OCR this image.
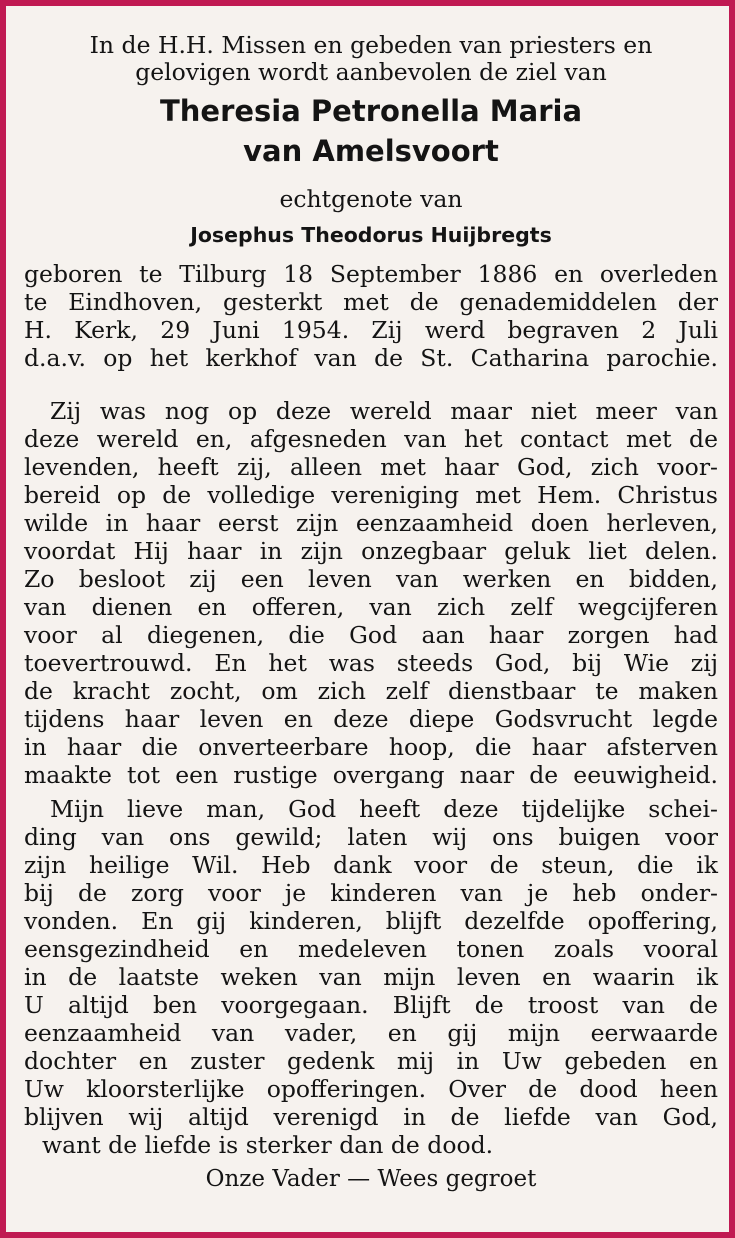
In de H.H. Missen en gebeden van priesters en

gelovigen wordt aanbevolen de ziel van

Theresia Petronella Maria

van Amelsvoort

echtgenote van

Josephus Theodorus Huijbregts

geboren te Tilburg 18 September 1886 en overleden

te Eindhoven, gesterkt met de genademiddelen der

H. Kerk, 29 Juni 1954. Zij werd begraven 2 Juli

d.a.v. op het kerkhof van de St. Catharina parochie.

Zij was nog op deze wereld maar niet meer van

deze wereld en, afgesneden van het contact met de

levenden, heeft zij, alleen met haar God, zich voor-

bereid op de volledige vereniging met Hem. Christus

wilde in haar eerst zijn eenzaamheid doen herleven,

voordat Hij haar in zijn onzegbaar geluk liet delen.

Zo besloot zij een leven van werken en bidden,

van dienen en offeren, van zich zelf wegcijferen

voor al diegenen, die God aan haar zorgen had

toevertrouwd. En het was steeds God, bij Wie zij

de kracht zocht, om zich zelf dienstbaar te maken

tijdens haar leven en deze diepe Godsvrucht legde

in haar die onverteerbare hoop, die haar afsterven

maakte tot een rustige overgang naar de eeuwigheid.

Mijn lieve man, God heeft deze tijdelijke schei-

ding van ons gewild; laten wij ons buigen voor

zijn heilige Wil. Heb dank voor de steun, die ik

bij de zorg voor je kinderen van je heb onder-

vonden. En gij kinderen, blijft dezelfde opoffering,

eensgezindheid en medeleven tonen zoals vooral

in de laatste weken van mijn leven en waarin ik

U altijd ben voorgegaan. Blijft de troost van de

eenzaamheid van vader, en gij mijn eerwaarde

dochter en zuster gedenk mij in Uw gebeden en

Uw kloorsterlijke opofferingen. Over de dood heen

blijven wij altijd verenigd in de liefde van God,

want de liefde is sterker dan de dood.

Onze Vader — Wees gegroet
